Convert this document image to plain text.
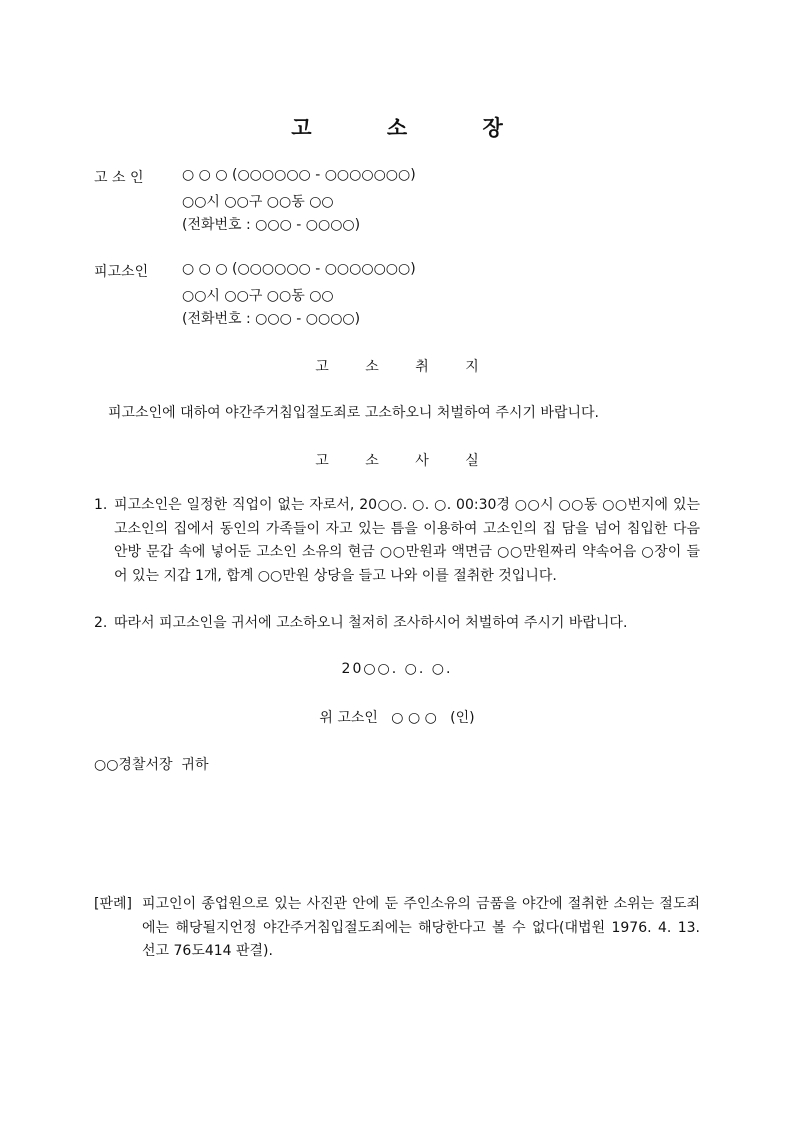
고 소 장
고 소 인	○ ○ ○ (○○○○○○ - ○○○○○○○)
○○시 ○○구 ○○동 ○○
(전화번호 : ○○○ - ○○○○)
피고소인 ○ ○ ○ (○○○○○○ - ○○○○○○○)
○○시 ○○구 ○○동 ○○
(전화번호 : ○○○ - ○○○○)
고 소 취 지
피고소인에 대하여 야간주거침입절도죄로 고소하오니 처벌하여 주시기 바랍니다.
고 소 사 실
1. 피고소인은 일정한 직업이 없는 자로서, 20○○. ○. ○. 00:30경 ○○시 ○○동 ○○번지에 있는 고소인의 집에서 동인의 가족들이 자고 있는 틈을 이용하여 고소인의 집 담을 넘어 침입한 다음 안방 문갑 속에 넣어둔 고소인 소유의 현금 ○○만원과 액면금 ○○만원짜리 약속어음 ○장이 들어 있는 지갑 1개, 합계 ○○만원 상당을 들고 나와 이를 절취한 것입니다.
2. 따라서 피고소인을 귀서에 고소하오니 철저히 조사하시어 처벌하여 주시기 바랍니다.
20○○. ○. ○.
위 고소인   ○ ○ ○   (인)
○○경찰서장  귀하
[판례] 피고인이 종업원으로 있는 사진관 안에 둔 주인소유의 금품을 야간에 절취한 소위는 절도죄에는 해당될지언정 야간주거침입절도죄에는 해당한다고 볼 수 없다(대법원 1976. 4. 13. 선고 76도414 판결).
